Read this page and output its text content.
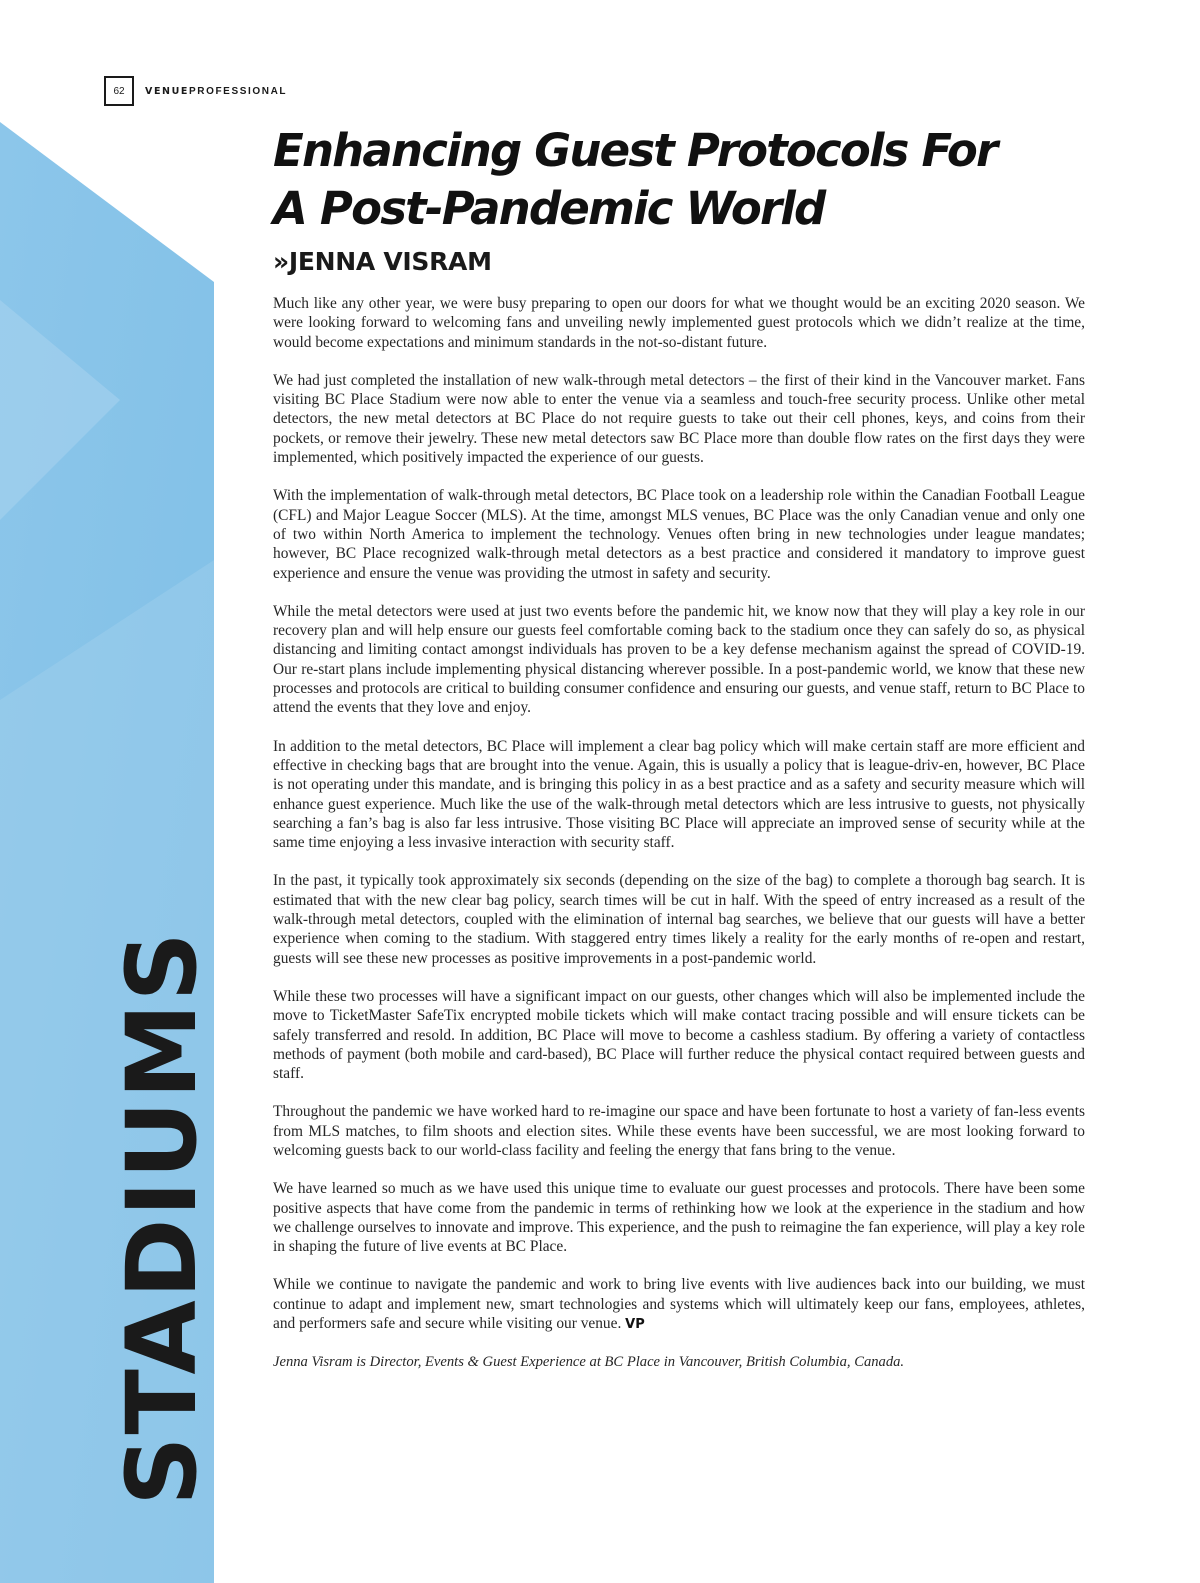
STADIUMS
62	VENUEPROFESSIONAL
Enhancing Guest Protocols For
A Post-Pandemic World
»JENNA VISRAM

Much like any other year, we were busy preparing to open our doors for what we thought would be an exciting 2020 season. We were looking forward to welcoming fans and unveiling newly implemented guest protocols which we didn’t realize at the time, would become expectations and minimum standards in the not-so-distant future.

We had just completed the installation of new walk-through metal detectors – the first of their kind in the Vancouver market. Fans visiting BC Place Stadium were now able to enter the venue via a seamless and touch-free security process. Unlike other metal detectors, the new metal detectors at BC Place do not require guests to take out their cell phones, keys, and coins from their pockets, or remove their jewelry. These new metal detectors saw BC Place more than double flow rates on the first days they were implemented, which positively impacted the experience of our guests.

With the implementation of walk-through metal detectors, BC Place took on a leadership role within the Canadian Football League (CFL) and Major League Soccer (MLS). At the time, amongst MLS venues, BC Place was the only Canadian venue and only one of two within North America to implement the technology. Venues often bring in new technologies under league mandates; however, BC Place recognized walk-through metal detectors as a best practice and considered it mandatory to improve guest experience and ensure the venue was providing the utmost in safety and security.

While the metal detectors were used at just two events before the pandemic hit, we know now that they will play a key role in our recovery plan and will help ensure our guests feel comfortable coming back to the stadium once they can safely do so, as physical distancing and limiting contact amongst individuals has proven to be a key defense mechanism against the spread of COVID-19. Our re-start plans include implementing physical distancing wherever possible. In a post-pandemic world, we know that these new processes and protocols are critical to building consumer confidence and ensuring our guests, and venue staff, return to BC Place to attend the events that they love and enjoy.

In addition to the metal detectors, BC Place will implement a clear bag policy which will make certain staff are more efficient and effective in checking bags that are brought into the venue. Again, this is usually a policy that is league-driv-en, however, BC Place is not operating under this mandate, and is bringing this policy in as a best practice and as a safety and security measure which will enhance guest experience. Much like the use of the walk-through metal detectors which are less intrusive to guests, not physically searching a fan’s bag is also far less intrusive. Those visiting BC Place will appreciate an improved sense of security while at the same time enjoying a less invasive interaction with security staff.

In the past, it typically took approximately six seconds (depending on the size of the bag) to complete a thorough bag search. It is estimated that with the new clear bag policy, search times will be cut in half. With the speed of entry increased as a result of the walk-through metal detectors, coupled with the elimination of internal bag searches, we believe that our guests will have a better experience when coming to the stadium. With staggered entry times likely a reality for the early months of re-open and restart, guests will see these new processes as positive improvements in a post-pandemic world.

While these two processes will have a significant impact on our guests, other changes which will also be implemented include the move to TicketMaster SafeTix encrypted mobile tickets which will make contact tracing possible and will ensure tickets can be safely transferred and resold. In addition, BC Place will move to become a cashless stadium. By offering a variety of contactless methods of payment (both mobile and card-based), BC Place will further reduce the physical contact required between guests and staff.

Throughout the pandemic we have worked hard to re-imagine our space and have been fortunate to host a variety of fan-less events from MLS matches, to film shoots and election sites. While these events have been successful, we are most looking forward to welcoming guests back to our world-class facility and feeling the energy that fans bring to the venue.

We have learned so much as we have used this unique time to evaluate our guest processes and protocols. There have been some positive aspects that have come from the pandemic in terms of rethinking how we look at the experience in the stadium and how we challenge ourselves to innovate and improve. This experience, and the push to reimagine the fan experience, will play a key role in shaping the future of live events at BC Place.

While we continue to navigate the pandemic and work to bring live events with live audiences back into our building, we must continue to adapt and implement new, smart technologies and systems which will ultimately keep our fans, employees, athletes, and performers safe and secure while visiting our venue. VP

Jenna Visram is Director, Events & Guest Experience at BC Place in Vancouver, British Columbia, Canada.
